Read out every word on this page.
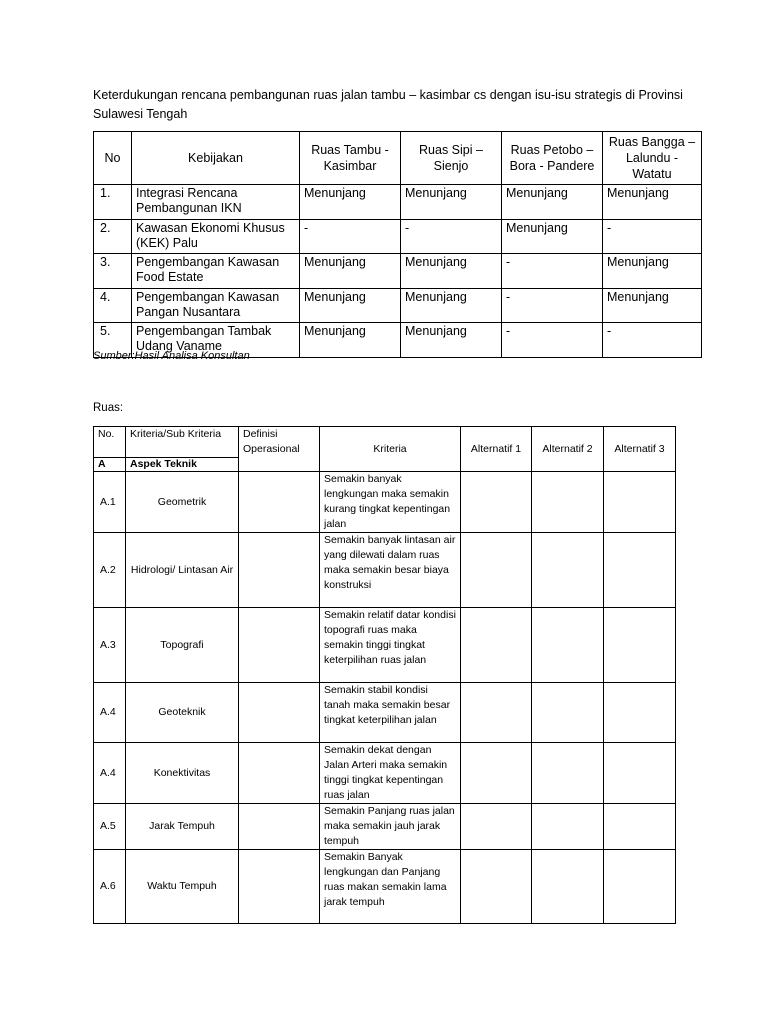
Keterdukungan rencana pembangunan ruas jalan tambu – kasimbar cs dengan isu-isu strategis di Provinsi Sulawesi Tengah
No	Kebijakan	Ruas Tambu - Kasimbar	Ruas Sipi – Sienjo	Ruas Petobo – Bora - Pandere	Ruas Bangga – Lalundu - Watatu
1.	Integrasi Rencana Pembangunan IKN	Menunjang	Menunjang	Menunjang	Menunjang
2.	Kawasan Ekonomi Khusus (KEK) Palu	-	-	Menunjang	-
3.	Pengembangan Kawasan Food Estate	Menunjang	Menunjang	-	Menunjang
4.	Pengembangan Kawasan Pangan Nusantara	Menunjang	Menunjang	-	Menunjang
5.	Pengembangan Tambak Udang Vaname	Menunjang	Menunjang	-	-
Sumber:Hasil Analisa Konsultan
Ruas:
No.	Kriteria/Sub Kriteria	Definisi Operasional	Kriteria	Alternatif 1	Alternatif 2	Alternatif 3
A	Aspek Teknik					
A.1	Geometrik		Semakin banyak lengkungan maka semakin kurang tingkat kepentingan jalan			
A.2	Hidrologi/ Lintasan Air		Semakin banyak lintasan air yang dilewati dalam ruas maka semakin besar biaya konstruksi			
A.3	Topografi		Semakin relatif datar kondisi topografi ruas maka semakin tinggi tingkat keterpilihan ruas jalan			
A.4	Geoteknik		Semakin stabil kondisi tanah maka semakin besar tingkat keterpilihan jalan			
A.4	Konektivitas		Semakin dekat dengan Jalan Arteri maka semakin tinggi tingkat kepentingan ruas jalan			
A.5	Jarak Tempuh		Semakin Panjang ruas jalan maka semakin jauh jarak tempuh			
A.6	Waktu Tempuh		Semakin Banyak lengkungan dan Panjang ruas makan semakin lama jarak tempuh			
